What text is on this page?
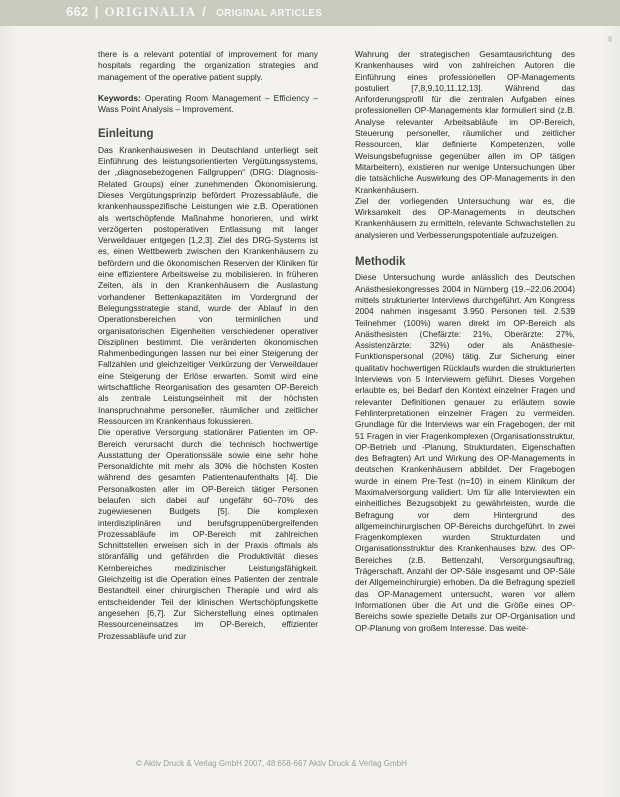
662 | ORIGINALIA / ORIGINAL ARTICLES

there is a relevant potential of improvement for many hospitals regarding the organization strategies and management of the operative patient supply.

Keywords: Operating Room Management – Efficiency – Wass Point Analysis – Improvement.

Einleitung

Das Krankenhauswesen in Deutschland unterliegt seit Einführung des leistungsorientierten Vergütungssystems, der „diagnosebezogenen Fallgruppen“ (DRG: Diagnosis-Related Groups) einer zunehmenden Ökonomisierung. Dieses Vergütungsprinzip befördert Prozessabläufe, die krankenhausspezifische Leistungen wie z.B. Operationen als wertschöpfende Maßnahme honorieren, und wirkt verzögerten postoperativen Entlassung mit langer Verweildauer entgegen [1,2,3]. Ziel des DRG-Systems ist es, einen Wettbewerb zwischen den Krankenhäusern zu befördern und die ökonomischen Reserven der Kliniken für eine effizientere Arbeitsweise zu mobilisieren. In früheren Zeiten, als in den Krankenhäusern die Auslastung vorhandener Bettenkapazitäten im Vordergrund der Belegungsstrategie stand, wurde der Ablauf in den Operationsbereichen von terminlichen und organisatorischen Eigenheiten verschiedener operativer Disziplinen bestimmt. Die veränderten ökonomischen Rahmenbedingungen lassen nur bei einer Steigerung der Fallzahlen und gleichzeitiger Verkürzung der Verweildauer eine Steigerung der Erlöse erwarten. Somit wird eine wirtschaftliche Reorganisation des gesamten OP-Bereich als zentrale Leistungseinheit mit der höchsten Inanspruchnahme personeller, räumlicher und zeitlicher Ressourcen im Krankenhaus fokussieren.

Die operative Versorgung stationärer Patienten im OP-Bereich verursacht durch die technisch hochwertige Ausstattung der Operationssäle sowie eine sehr hohe Personaldichte mit mehr als 30% die höchsten Kosten während des gesamten Patientenaufenthalts [4]. Die Personalkosten aller im OP-Bereich tätiger Personen belaufen sich dabei auf ungefähr 60–70% des zugewiesenen Budgets [5]. Die komplexen interdisziplinären und berufsgruppenübergreifenden Prozessabläufe im OP-Bereich mit zahlreichen Schnittstellen erweisen sich in der Praxis oftmals als störanfällig und gefährden die Produktivität dieses Kernbereiches medizinischer Leistungsfähigkeit. Gleichzeitig ist die Operation eines Patienten der zentrale Bestandteil einer chirurgischen Therapie und wird als entscheidender Teil der klinischen Wertschöpfungskette angesehen [6,7]. Zur Sicherstellung eines optimalen Ressourceneinsatzes im OP-Bereich, effizienter Prozessabläufe und zur

Wahrung der strategischen Gesamtausrichtung des Krankenhauses wird von zahlreichen Autoren die Einführung eines professionellen OP-Managements postuliert [7,8,9,10,11,12,13]. Während das Anforderungsprofil für die zentralen Aufgaben eines professionellen OP-Managements klar formuliert sind (z.B. Analyse relevanter Arbeitsabläufe im OP-Bereich, Steuerung personeller, räumlicher und zeitlicher Ressourcen, klar definierte Kompetenzen, volle Weisungsbefugnisse gegenüber allen im OP tätigen Mitarbeitern), existieren nur wenige Untersuchungen über die tatsächliche Auswirkung des OP-Managements in den Krankenhäusern.

Ziel der vorliegenden Untersuchung war es, die Wirksamkeit des OP-Managements in deutschen Krankenhäusern zu ermitteln, relevante Schwachstellen zu analysieren und Verbesserungspotentiale aufzuzeigen.

Methodik

Diese Untersuchung wurde anlässlich des Deutschen Anästhesiekongresses 2004 in Nürnberg (19.–22.06.2004) mittels strukturierter Interviews durchgeführt. Am Kongress 2004 nahmen insgesamt 3.950 Personen teil. 2.539 Teilnehmer (100%) waren direkt im OP-Bereich als Anästhesisten (Chefärzte: 21%, Oberärzte: 27%, Assistenzärzte: 32%) oder als Anästhesie-Funktionspersonal (20%) tätig. Zur Sicherung einer qualitativ hochwertigen Rücklaufs wurden die strukturierten Interviews von 5 Interviewern geführt. Dieses Vorgehen erlaubte es, bei Bedarf den Kontext einzelner Fragen und relevanter Definitionen genauer zu erläutern sowie Fehlinterpretationen einzelner Fragen zu vermeiden. Grundlage für die Interviews war ein Fragebogen, der mit 51 Fragen in vier Fragenkomplexen (Organisationsstruktur, OP-Betrieb und -Planung, Strukturdaten, Eigenschaften des Befragten) Art und Wirkung des OP-Managements in deutschen Krankenhäusern abbildet. Der Fragebogen wurde in einem Pre-Test (n=10) in einem Klinikum der Maximalversorgung validiert. Um für alle Interviewten ein einheitliches Bezugsobjekt zu gewährleisten, wurde die Befragung vor dem Hintergrund des allgemeinchirurgischen OP-Bereichs durchgeführt. In zwei Fragenkomplexen wurden Strukturdaten und Organisationsstruktur des Krankenhauses bzw. des OP-Bereiches (z.B. Bettenzahl, Versorgungsauftrag, Trägerschaft, Anzahl der OP-Säle insgesamt und OP-Säle der Allgemeinchirurgie) erhoben. Da die Befragung speziell das OP-Management untersucht, waren vor allem Informationen über die Art und die Größe eines OP-Bereichs sowie spezielle Details zur OP-Organisation und OP-Planung von großem Interesse. Das weite-

© Aktiv Druck & Verlag GmbH 2007, 48:658-667 Aktiv Druck & Verlag GmbH
